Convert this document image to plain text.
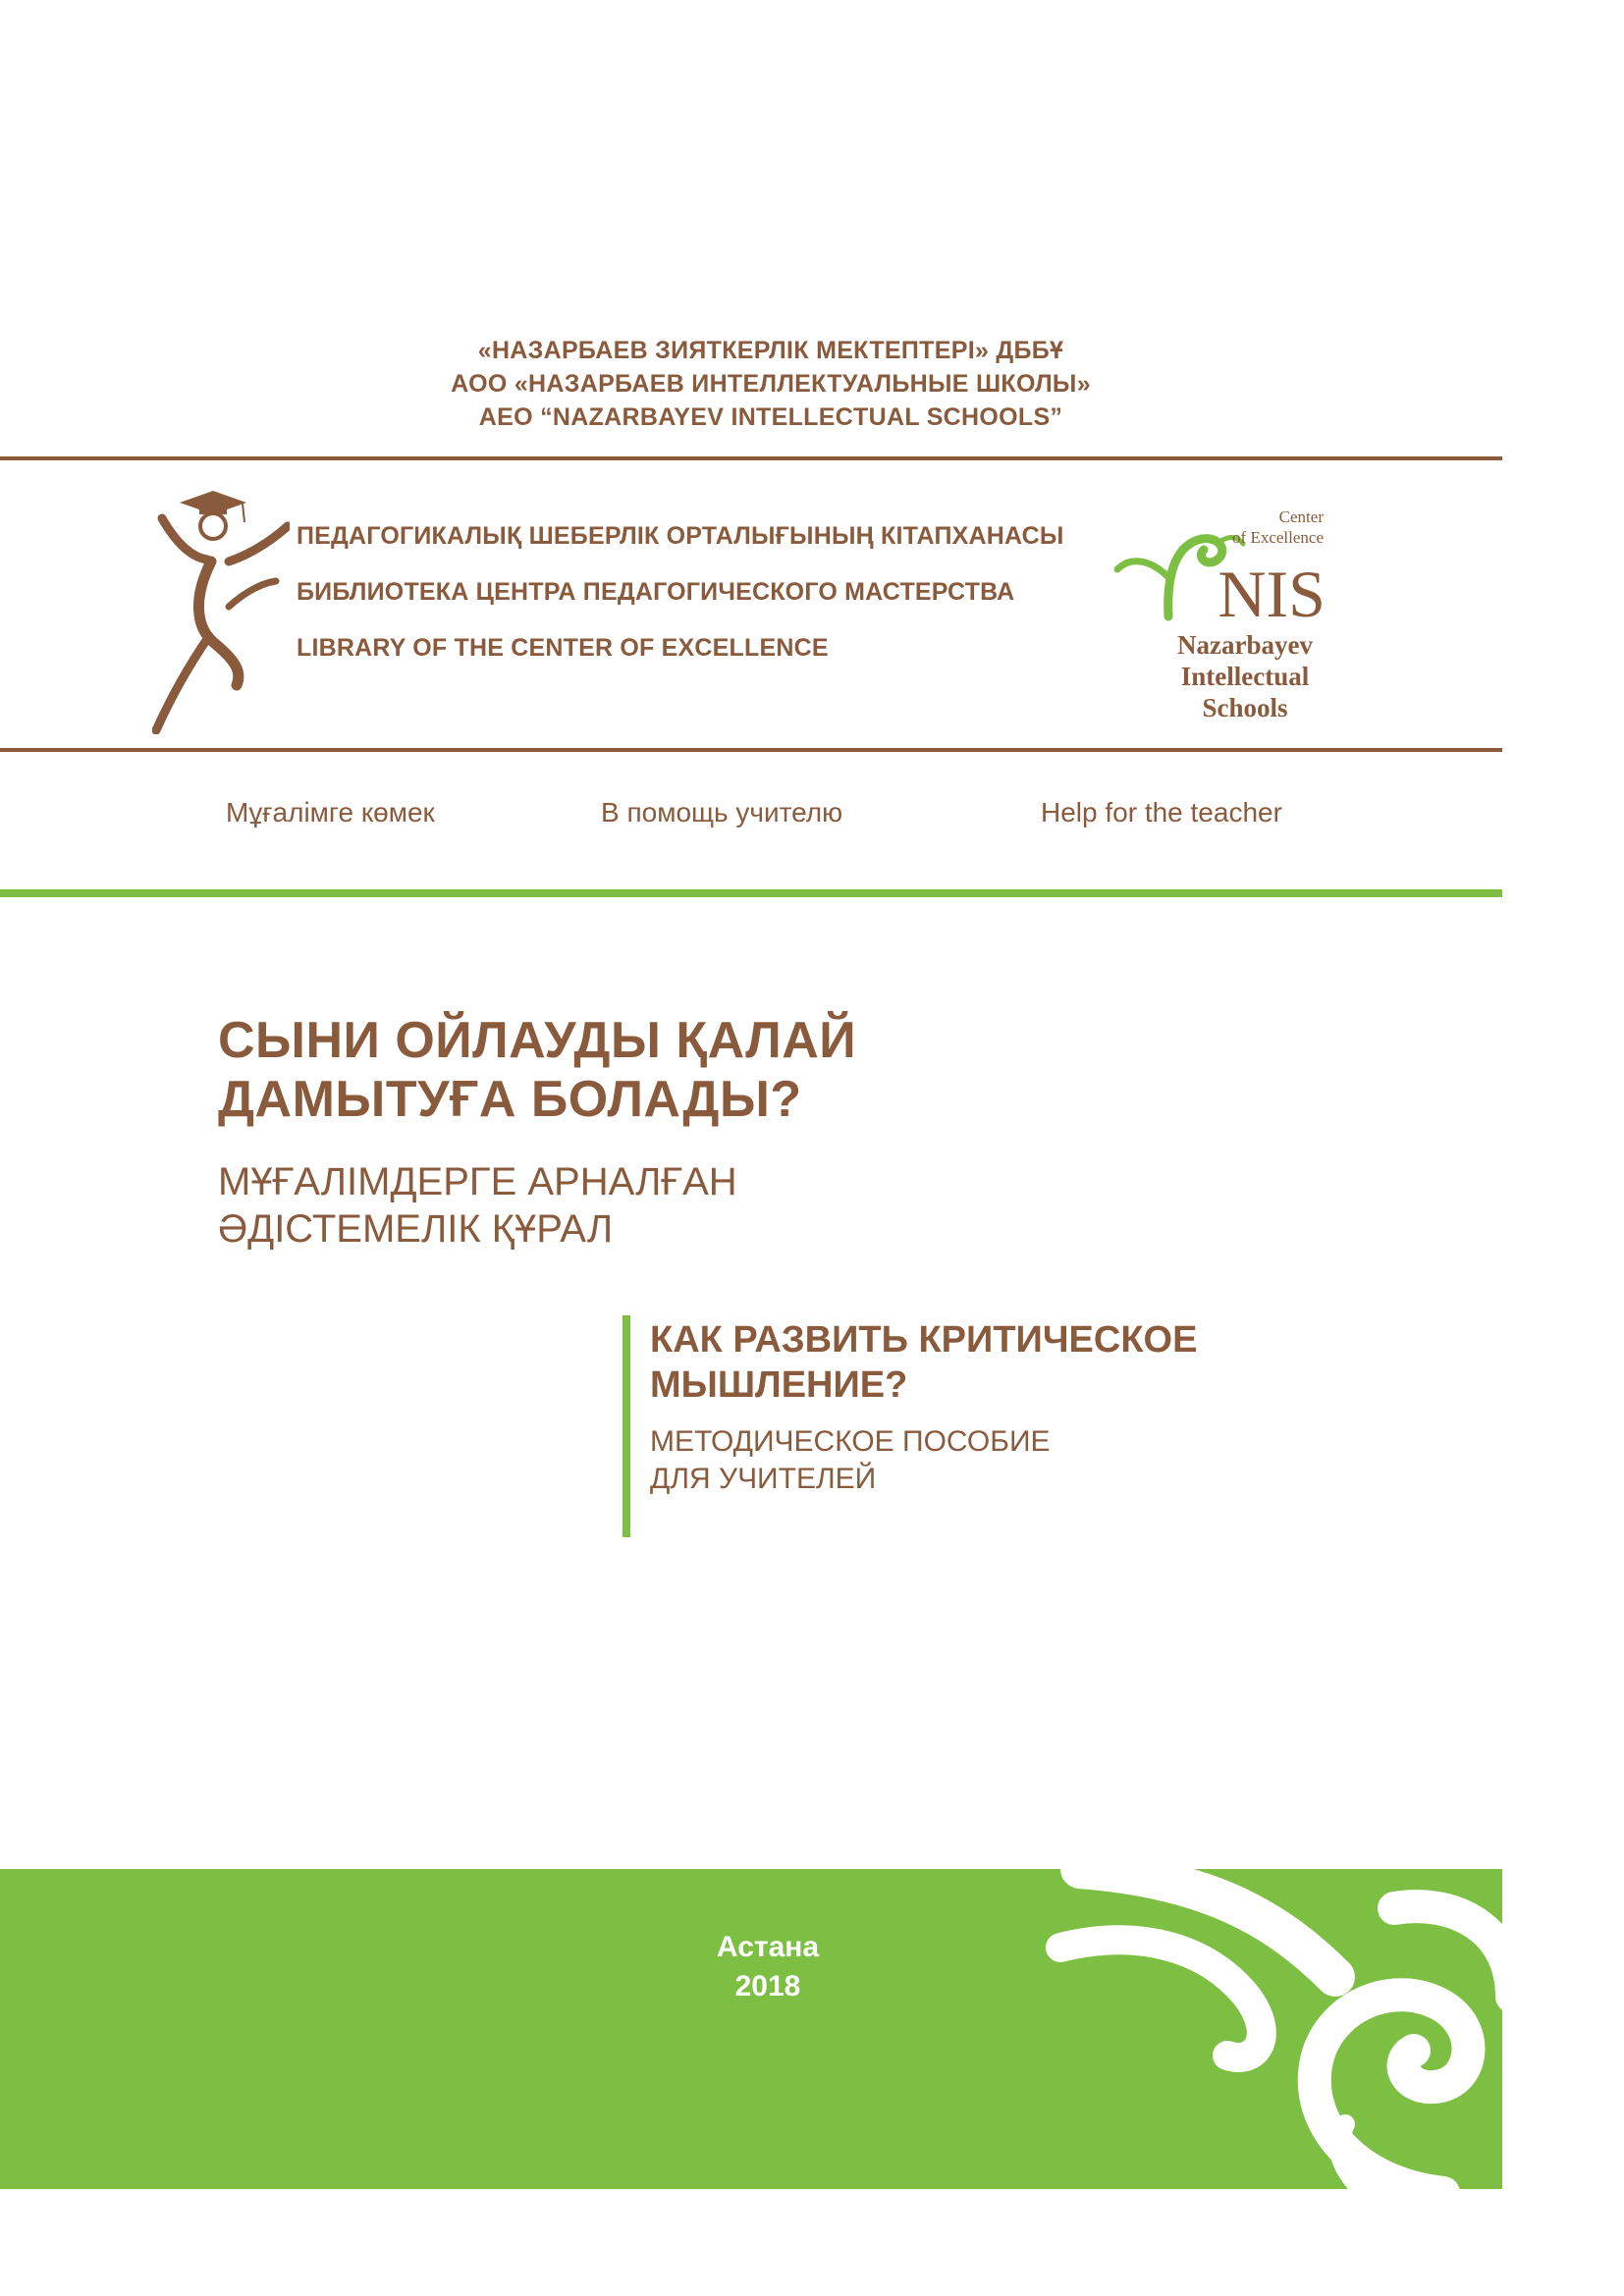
«НАЗАРБАЕВ ЗИЯТКЕРЛІК МЕКТЕПТЕРІ» ДББҰ
АОО «НАЗАРБАЕВ ИНТЕЛЛЕКТУАЛЬНЫЕ ШКОЛЫ»
AEO “NAZARBAYEV INTELLECTUAL SCHOOLS”
ПЕДАГОГИКАЛЫҚ ШЕБЕРЛІК ОРТАЛЫҒЫНЫҢ КІТАПХАНАСЫ
БИБЛИОТЕКА ЦЕНТРА ПЕДАГОГИЧЕСКОГО МАСТЕРСТВА
LIBRARY OF THE CENTER OF EXCELLENCE
Center
of Excellence
NIS
Nazarbayev
Intellectual
Schools
Мұғалімге көмек	В помощь учителю	Help for the teacher
СЫНИ ОЙЛАУДЫ ҚАЛАЙ
ДАМЫТУҒА БОЛАДЫ?
МҰҒАЛІМДЕРГЕ АРНАЛҒАН
ӘДІСТЕМЕЛІК ҚҰРАЛ
КАК РАЗВИТЬ КРИТИЧЕСКОЕ
МЫШЛЕНИЕ?
МЕТОДИЧЕСКОЕ ПОСОБИЕ
ДЛЯ УЧИТЕЛЕЙ
Астана
2018
